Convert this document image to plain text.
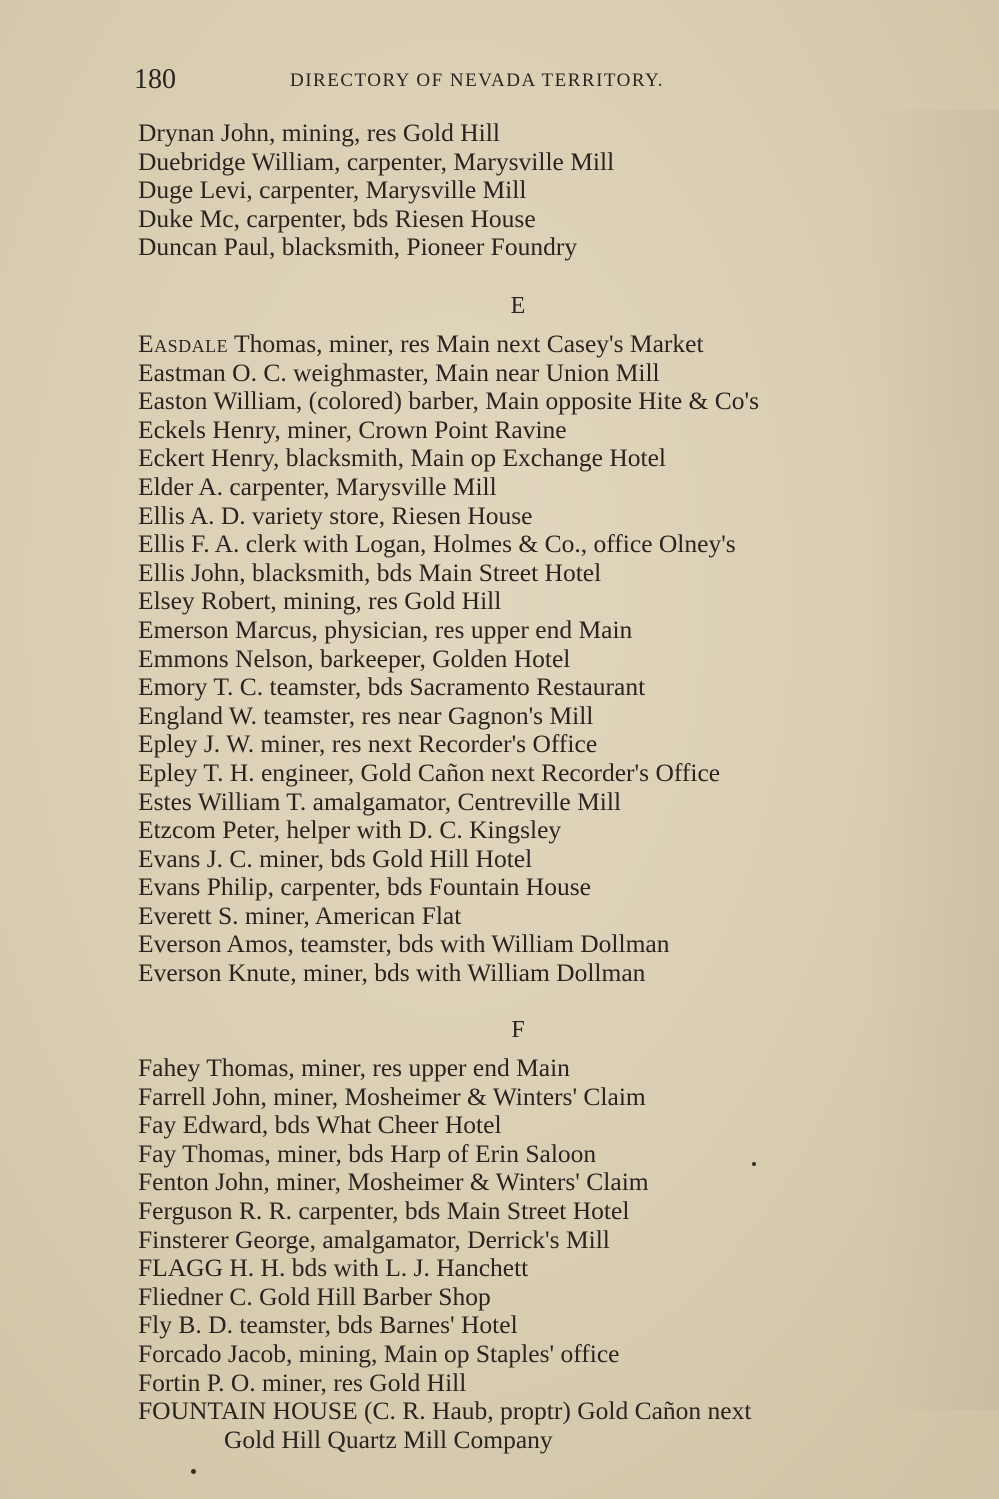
180	DIRECTORY OF NEVADA TERRITORY.
Drynan John, mining, res Gold Hill
Duebridge William, carpenter, Marysville Mill
Duge Levi, carpenter, Marysville Mill
Duke Mc, carpenter, bds Riesen House
Duncan Paul, blacksmith, Pioneer Foundry
E
Easdale Thomas, miner, res Main next Casey's Market
Eastman O. C. weighmaster, Main near Union Mill
Easton William, (colored) barber, Main opposite Hite & Co's
Eckels Henry, miner, Crown Point Ravine
Eckert Henry, blacksmith, Main op Exchange Hotel
Elder A. carpenter, Marysville Mill
Ellis A. D. variety store, Riesen House
Ellis F. A. clerk with Logan, Holmes & Co., office Olney's
Ellis John, blacksmith, bds Main Street Hotel
Elsey Robert, mining, res Gold Hill
Emerson Marcus, physician, res upper end Main
Emmons Nelson, barkeeper, Golden Hotel
Emory T. C. teamster, bds Sacramento Restaurant
England W. teamster, res near Gagnon's Mill
Epley J. W. miner, res next Recorder's Office
Epley T. H. engineer, Gold Cañon next Recorder's Office
Estes William T. amalgamator, Centreville Mill
Etzcom Peter, helper with D. C. Kingsley
Evans J. C. miner, bds Gold Hill Hotel
Evans Philip, carpenter, bds Fountain House
Everett S. miner, American Flat
Everson Amos, teamster, bds with William Dollman
Everson Knute, miner, bds with William Dollman
F
Fahey Thomas, miner, res upper end Main
Farrell John, miner, Mosheimer & Winters' Claim
Fay Edward, bds What Cheer Hotel
Fay Thomas, miner, bds Harp of Erin Saloon
Fenton John, miner, Mosheimer & Winters' Claim
Ferguson R. R. carpenter, bds Main Street Hotel
Finsterer George, amalgamator, Derrick's Mill
FLAGG H. H. bds with L. J. Hanchett
Fliedner C. Gold Hill Barber Shop
Fly B. D. teamster, bds Barnes' Hotel
Forcado Jacob, mining, Main op Staples' office
Fortin P. O. miner, res Gold Hill
FOUNTAIN HOUSE (C. R. Haub, proptr) Gold Cañon next
Gold Hill Quartz Mill Company
